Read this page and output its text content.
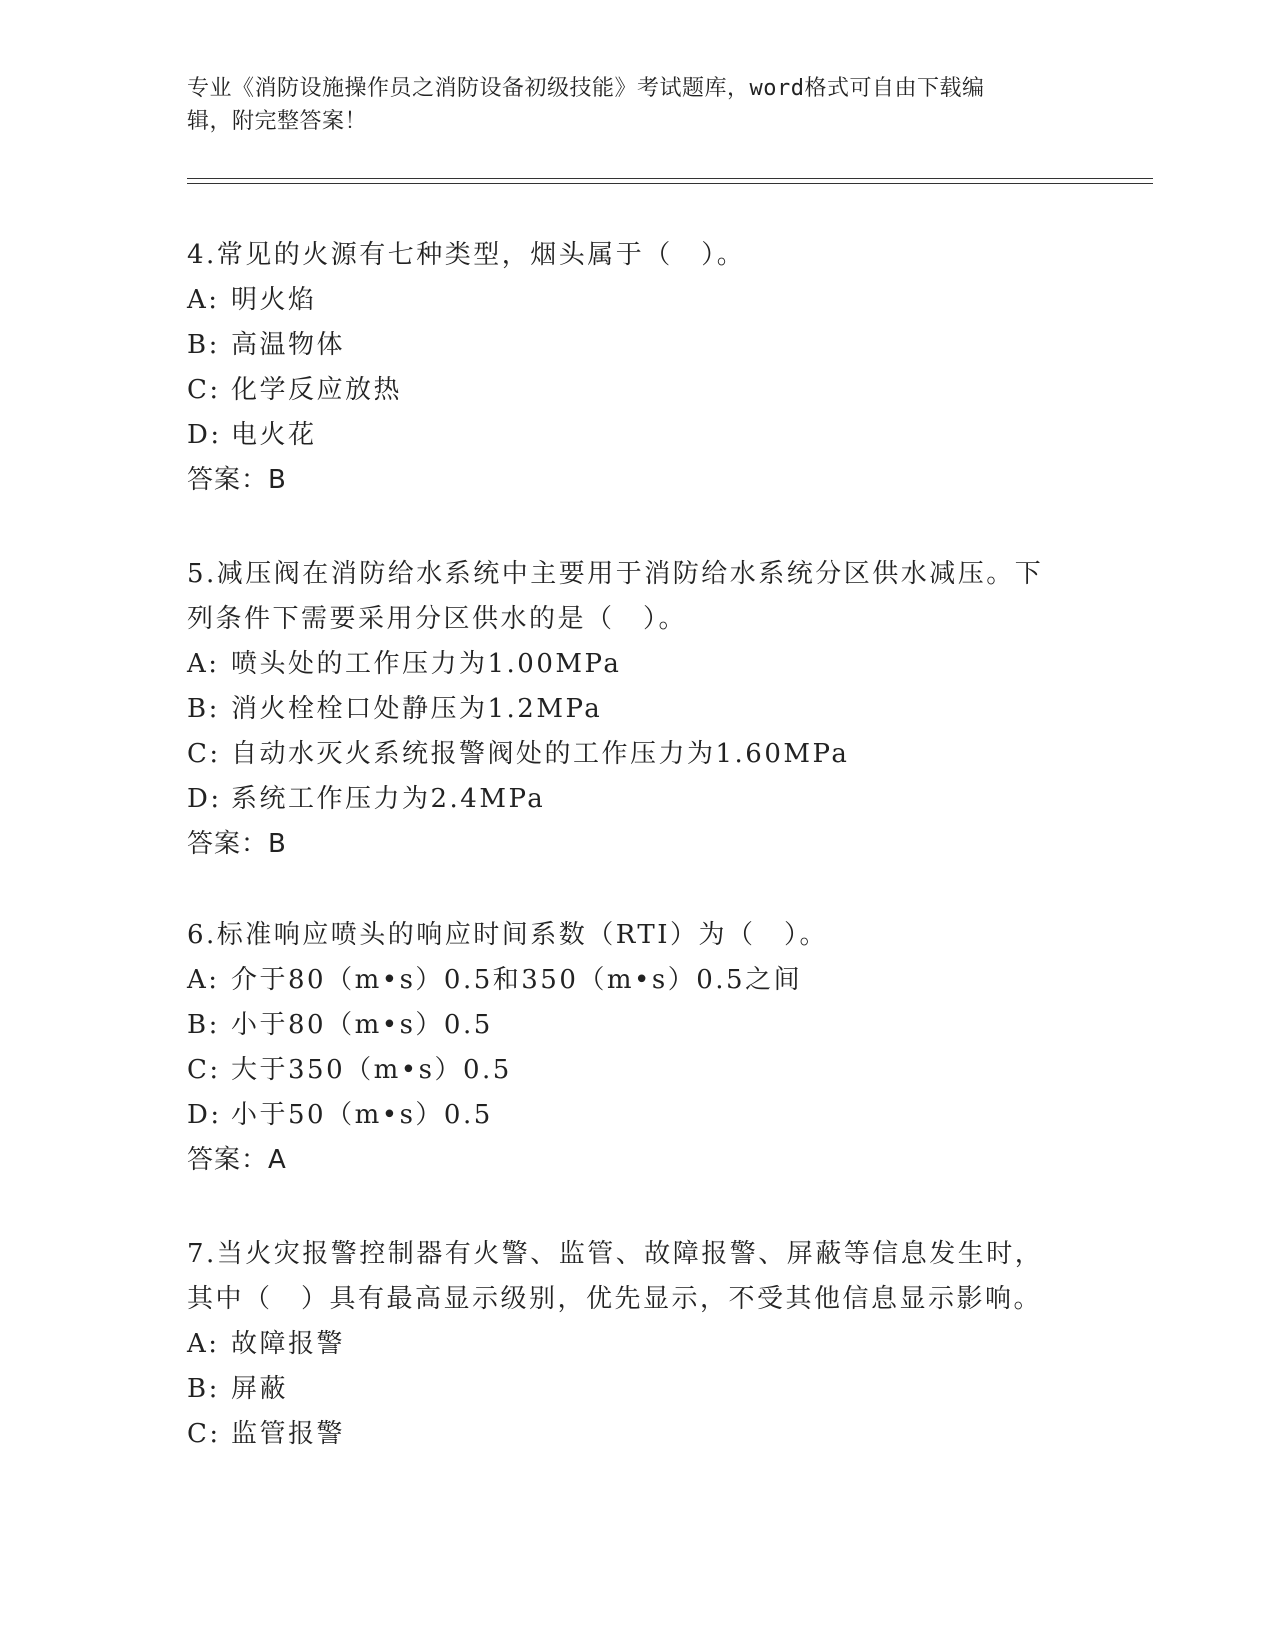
专业《消防设施操作员之消防设备初级技能》考试题库，word格式可自由下载编
辑，附完整答案！
4.常见的火源有七种类型，烟头属于（　）。
A: 明火焰
B: 高温物体
C: 化学反应放热
D: 电火花
答案：B
5.减压阀在消防给水系统中主要用于消防给水系统分区供水减压。下
列条件下需要采用分区供水的是（　）。
A: 喷头处的工作压力为1.00MPa
B: 消火栓栓口处静压为1.2MPa
C: 自动水灭火系统报警阀处的工作压力为1.60MPa
D: 系统工作压力为2.4MPa
答案：B
6.标准响应喷头的响应时间系数（RTI）为（　）。
A: 介于80（m•s）0.5和350（m•s）0.5之间
B: 小于80（m•s）0.5
C: 大于350（m•s）0.5
D: 小于50（m•s）0.5
答案：A
7.当火灾报警控制器有火警、监管、故障报警、屏蔽等信息发生时，
其中（　）具有最高显示级别，优先显示，不受其他信息显示影响。
A: 故障报警
B: 屏蔽
C: 监管报警
